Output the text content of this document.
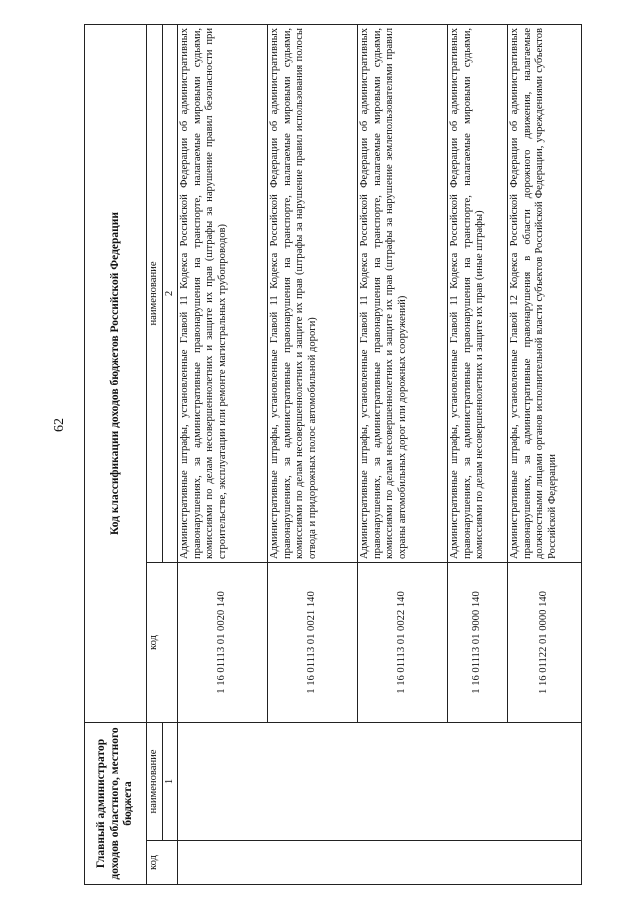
62
Главный администратор доходов областного, местного бюджета		Код классификации доходов бюджетов Российской Федерации	
код	наименование	код	наименование
	1		2
		1 16 01113 01 0020 140	Административные штрафы, установленные Главой 11 Кодекса Российской Федерации об административных правонарушениях, за административные правонарушения на транспорте, налагаемые мировыми судьями, комиссиями по делам несовершеннолетних и защите их прав (штрафы за нарушение правил безопасности при строительстве, эксплуатации или ремонте магистральных трубопроводов)
		1 16 01113 01 0021 140	Административные штрафы, установленные Главой 11 Кодекса Российской Федерации об административных правонарушениях, за административные правонарушения на транспорте, налагаемые мировыми судьями, комиссиями по делам несовершеннолетних и защите их прав (штрафы за нарушение правил использования полосы отвода и придорожных полос автомобильной дороги)
		1 16 01113 01 0022 140	Административные штрафы, установленные Главой 11 Кодекса Российской Федерации об административных правонарушениях, за административные правонарушения на транспорте, налагаемые мировыми судьями, комиссиями по делам несовершеннолетних и защите их прав (штрафы за нарушение землепользователями правил охраны автомобильных дорог или дорожных сооружений)
		1 16 01113 01 9000 140	Административные штрафы, установленные Главой 11 Кодекса Российской Федерации об административных правонарушениях, за административные правонарушения на транспорте, налагаемые мировыми судьями, комиссиями по делам несовершеннолетних и защите их прав (иные штрафы)
		1 16 01122 01 0000 140	Административные штрафы, установленные Главой 12 Кодекса Российской Федерации об административных правонарушениях, за административные правонарушения в области дорожного движения, налагаемые должностными лицами органов исполнительной власти субъектов Российской Федерации, учреждениями субъектов Российской Федерации
